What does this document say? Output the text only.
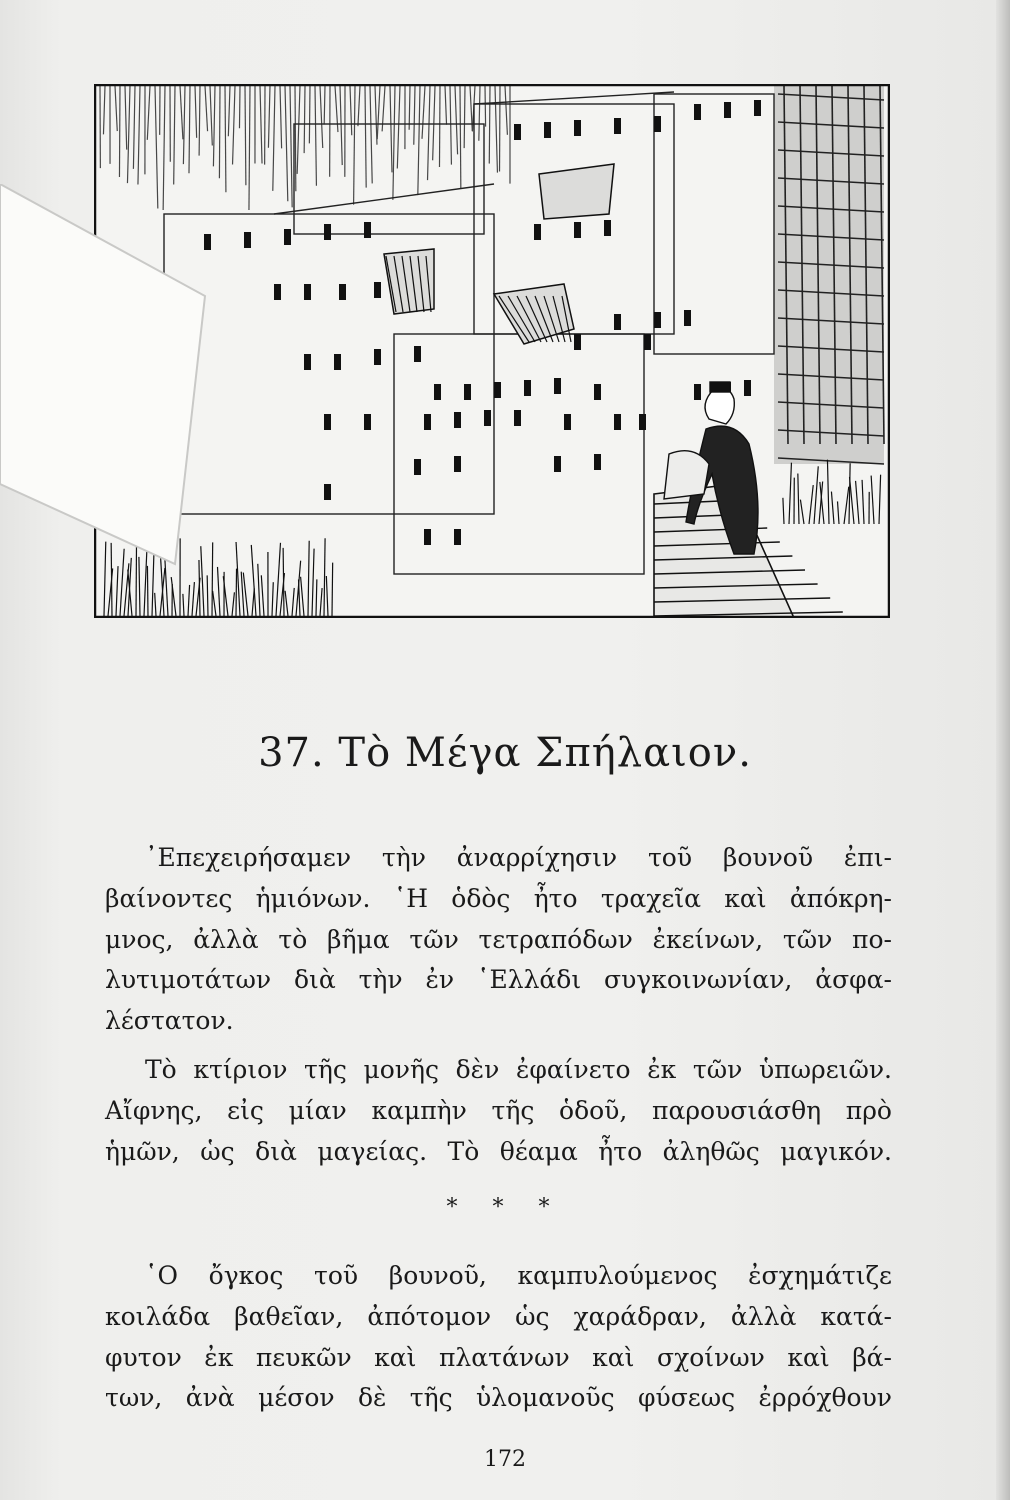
37. Τὸ Μέγα Σπήλαιον.
᾿Επεχειρήσαμεν τὴν ἀναρρίχησιν τοῦ βουνοῦ ἐπι-
βαίνοντες ἡμιόνων. ῾Η ὁδὸς ἦτο τραχεῖα καὶ ἀπόκρη-
μνος, ἀλλὰ τὸ βῆμα τῶν τετραπόδων ἐκείνων, τῶν πο-
λυτιμοτάτων διὰ τὴν ἐν ῾Ελλάδι συγκοινωνίαν, ἀσφα-
λέστατον.
Τὸ κτίριον τῆς μονῆς δὲν ἐφαίνετο ἐκ τῶν ὑπωρειῶν.
Αἴφνης, εἰς μίαν καμπὴν τῆς ὁδοῦ, παρουσιάσθη πρὸ
ἡμῶν, ὡς διὰ μαγείας. Τὸ θέαμα ἦτο ἀληθῶς μαγικόν.
* * *
῾Ο ὄγκος τοῦ βουνοῦ, καμπυλούμενος ἐσχημάτιζε
κοιλάδα βαθεῖαν, ἀπότομον ὡς χαράδραν, ἀλλὰ κατά-
φυτον ἐκ πευκῶν καὶ πλατάνων καὶ σχοίνων καὶ βά-
των, ἀνὰ μέσον δὲ τῆς ὑλομανοῦς φύσεως ἐρρόχθουν
172
